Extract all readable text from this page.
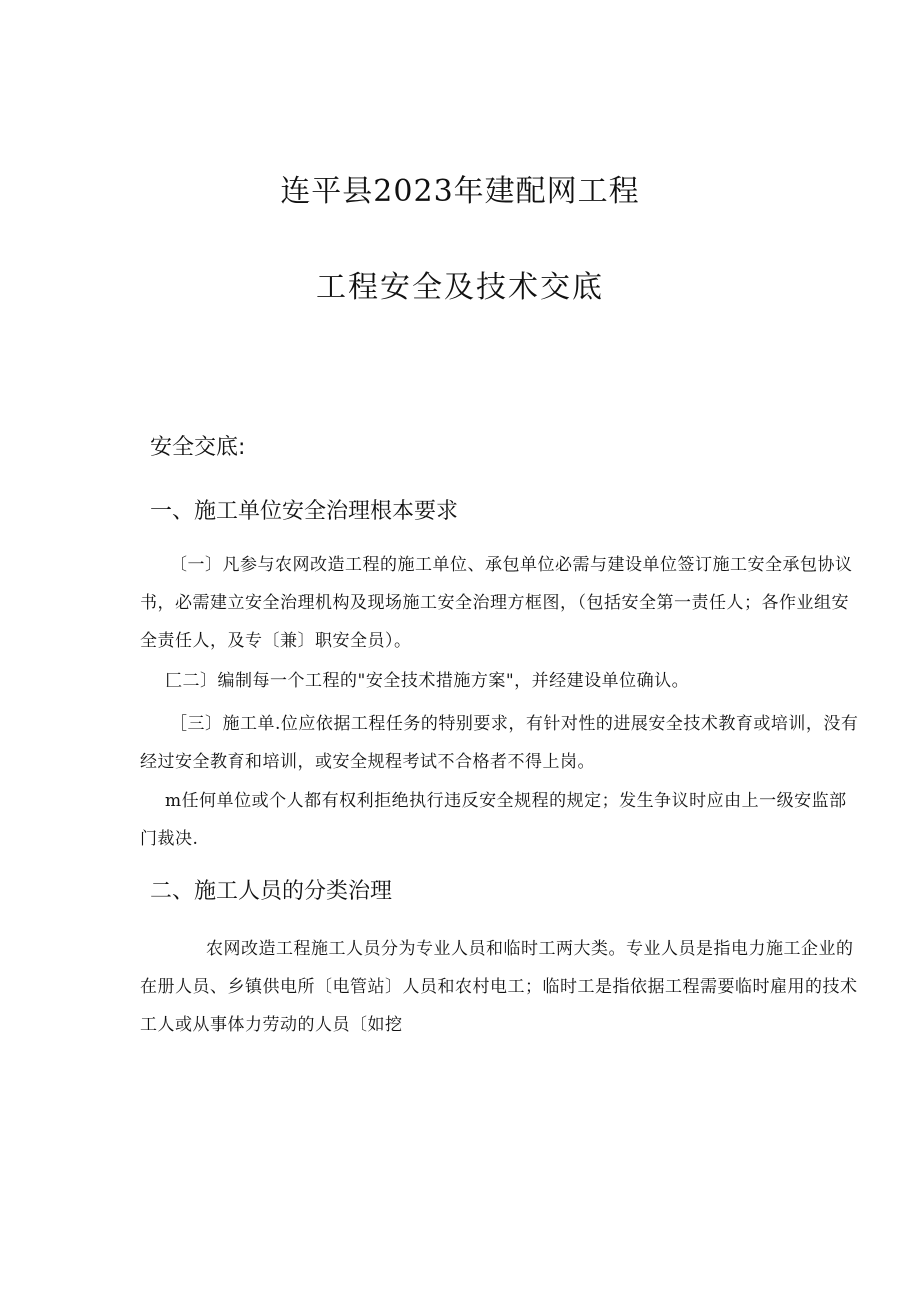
连平县2023年建配网工程
工程安全及技术交底
安全交底:
一、施工单位安全治理根本要求

〔一〕凡参与农网改造工程的施工单位、承包单位必需与建设单位签订施工安全承包协议书，必需建立安全治理机构及现场施工安全治理方框图，（包括安全第一责任人；各作业组安全责任人，及专〔兼〕职安全员）。

匚二〕编制每一个工程的"安全技术措施方案"，并经建设单位确认。

［三〕施工单.位应依据工程任务的特别要求，有针对性的进展安全技术教育或培训，没有经过安全教育和培训，或安全规程考试不合格者不得上岗。

m任何单位或个人都有权利拒绝执行违反安全规程的规定；发生争议时应由上一级安监部门裁决.

二、施工人员的分类治理

农网改造工程施工人员分为专业人员和临时工两大类。专业人员是指电力施工企业的在册人员、乡镇供电所〔电管站〕人员和农村电工；临时工是指依据工程需要临时雇用的技术工人或从事体力劳动的人员〔如挖
